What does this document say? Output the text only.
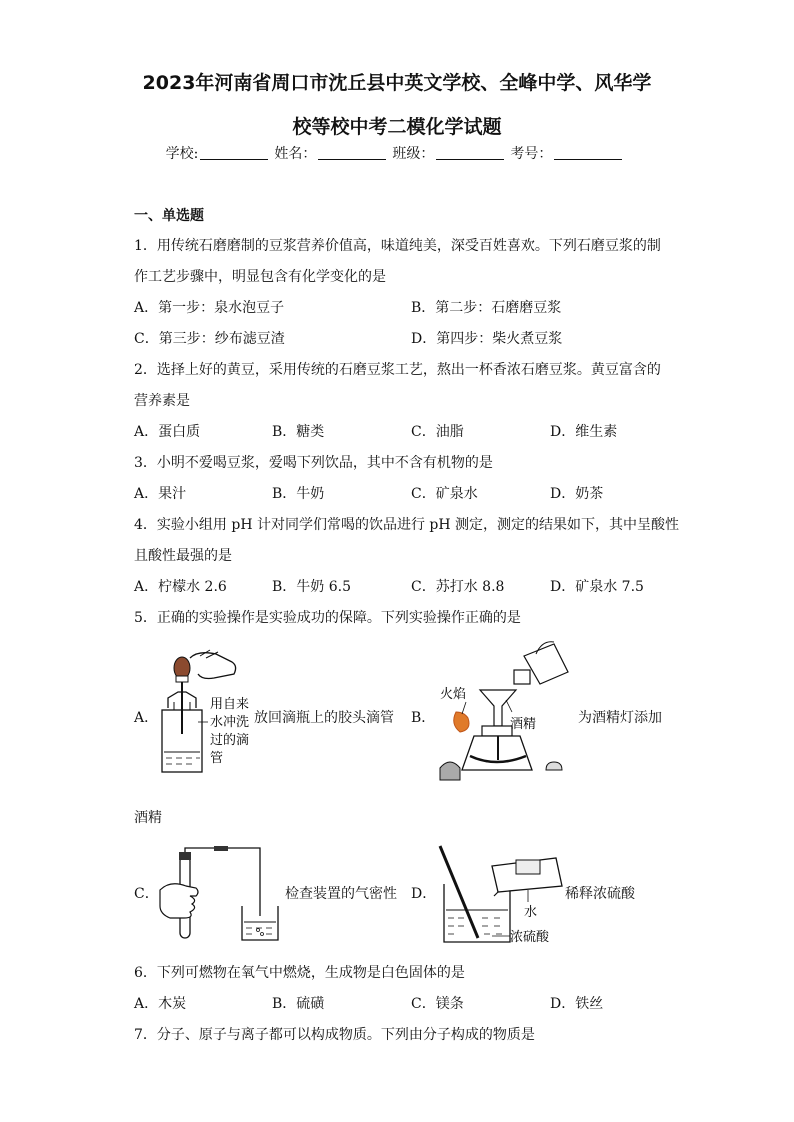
2023年河南省周口市沈丘县中英文学校、全峰中学、风华学
校等校中考二模化学试题
学校:	姓名：	班级：	考号：
一、单选题
1．用传统石磨磨制的豆浆营养价值高，味道纯美，深受百姓喜欢。下列石磨豆浆的制
作工艺步骤中，明显包含有化学变化的是
A．第一步：泉水泡豆子	B．第二步：石磨磨豆浆
C．第三步：纱布滤豆渣	D．第四步：柴火煮豆浆
2．选择上好的黄豆，采用传统的石磨豆浆工艺，熬出一杯香浓石磨豆浆。黄豆富含的
营养素是
A．蛋白质	B．糖类	C．油脂	D．维生素
3．小明不爱喝豆浆，爱喝下列饮品，其中不含有机物的是
A．果汁	B．牛奶	C．矿泉水	D．奶茶
4．实验小组用 pH 计对同学们常喝的饮品进行 pH 测定，测定的结果如下，其中呈酸性
且酸性最强的是
A．柠檬水 2.6	B．牛奶 6.5	C．苏打水 8.8	D．矿泉水 7.5
5．正确的实验操作是实验成功的保障。下列实验操作正确的是
A．
用自来
水冲洗
过的滴
管
放回滴瓶上的胶头滴管 B．
火焰
酒精	为酒精灯添加
酒精
C．	检查装置的气密性 D．
水
浓硫酸
稀释浓硫酸
6．下列可燃物在氧气中燃烧，生成物是白色固体的是
A．木炭	B．硫磺	C．镁条	D．铁丝
7．分子、原子与离子都可以构成物质。下列由分子构成的物质是
